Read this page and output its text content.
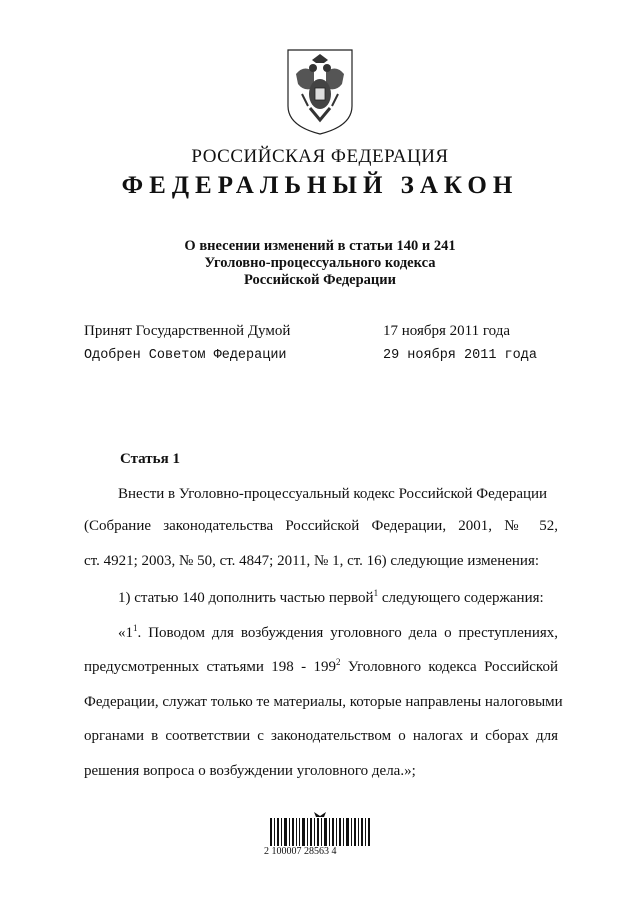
РОССИЙСКАЯ ФЕДЕРАЦИЯ
ФЕДЕРАЛЬНЫЙ ЗАКОН
О внесении изменений в статьи 140 и 241
Уголовно-процессуального кодекса
Российской Федерации
Принят Государственной Думой	17 ноября 2011 года
Одобрен Советом Федерации	29 ноября 2011 года
Статья 1
Внести в Уголовно-процессуальный кодекс Российской Федерации
(Собрание законодательства Российской Федерации, 2001, № 52,
ст. 4921; 2003, № 50, ст. 4847; 2011, № 1, ст. 16) следующие изменения:
1) статью 140 дополнить частью первой$^1$ следующего содержания:
«$1^1$. Поводом для возбуждения уголовного дела о преступлениях,
предусмотренных статьями $198 - 199^2$ Уголовного кодекса Российской
Федерации, служат только те материалы, которые направлены налоговыми
органами в соответствии с законодательством о налогах и сборах для
решения вопроса о возбуждении уголовного дела.»;
2 100007 28563 4
